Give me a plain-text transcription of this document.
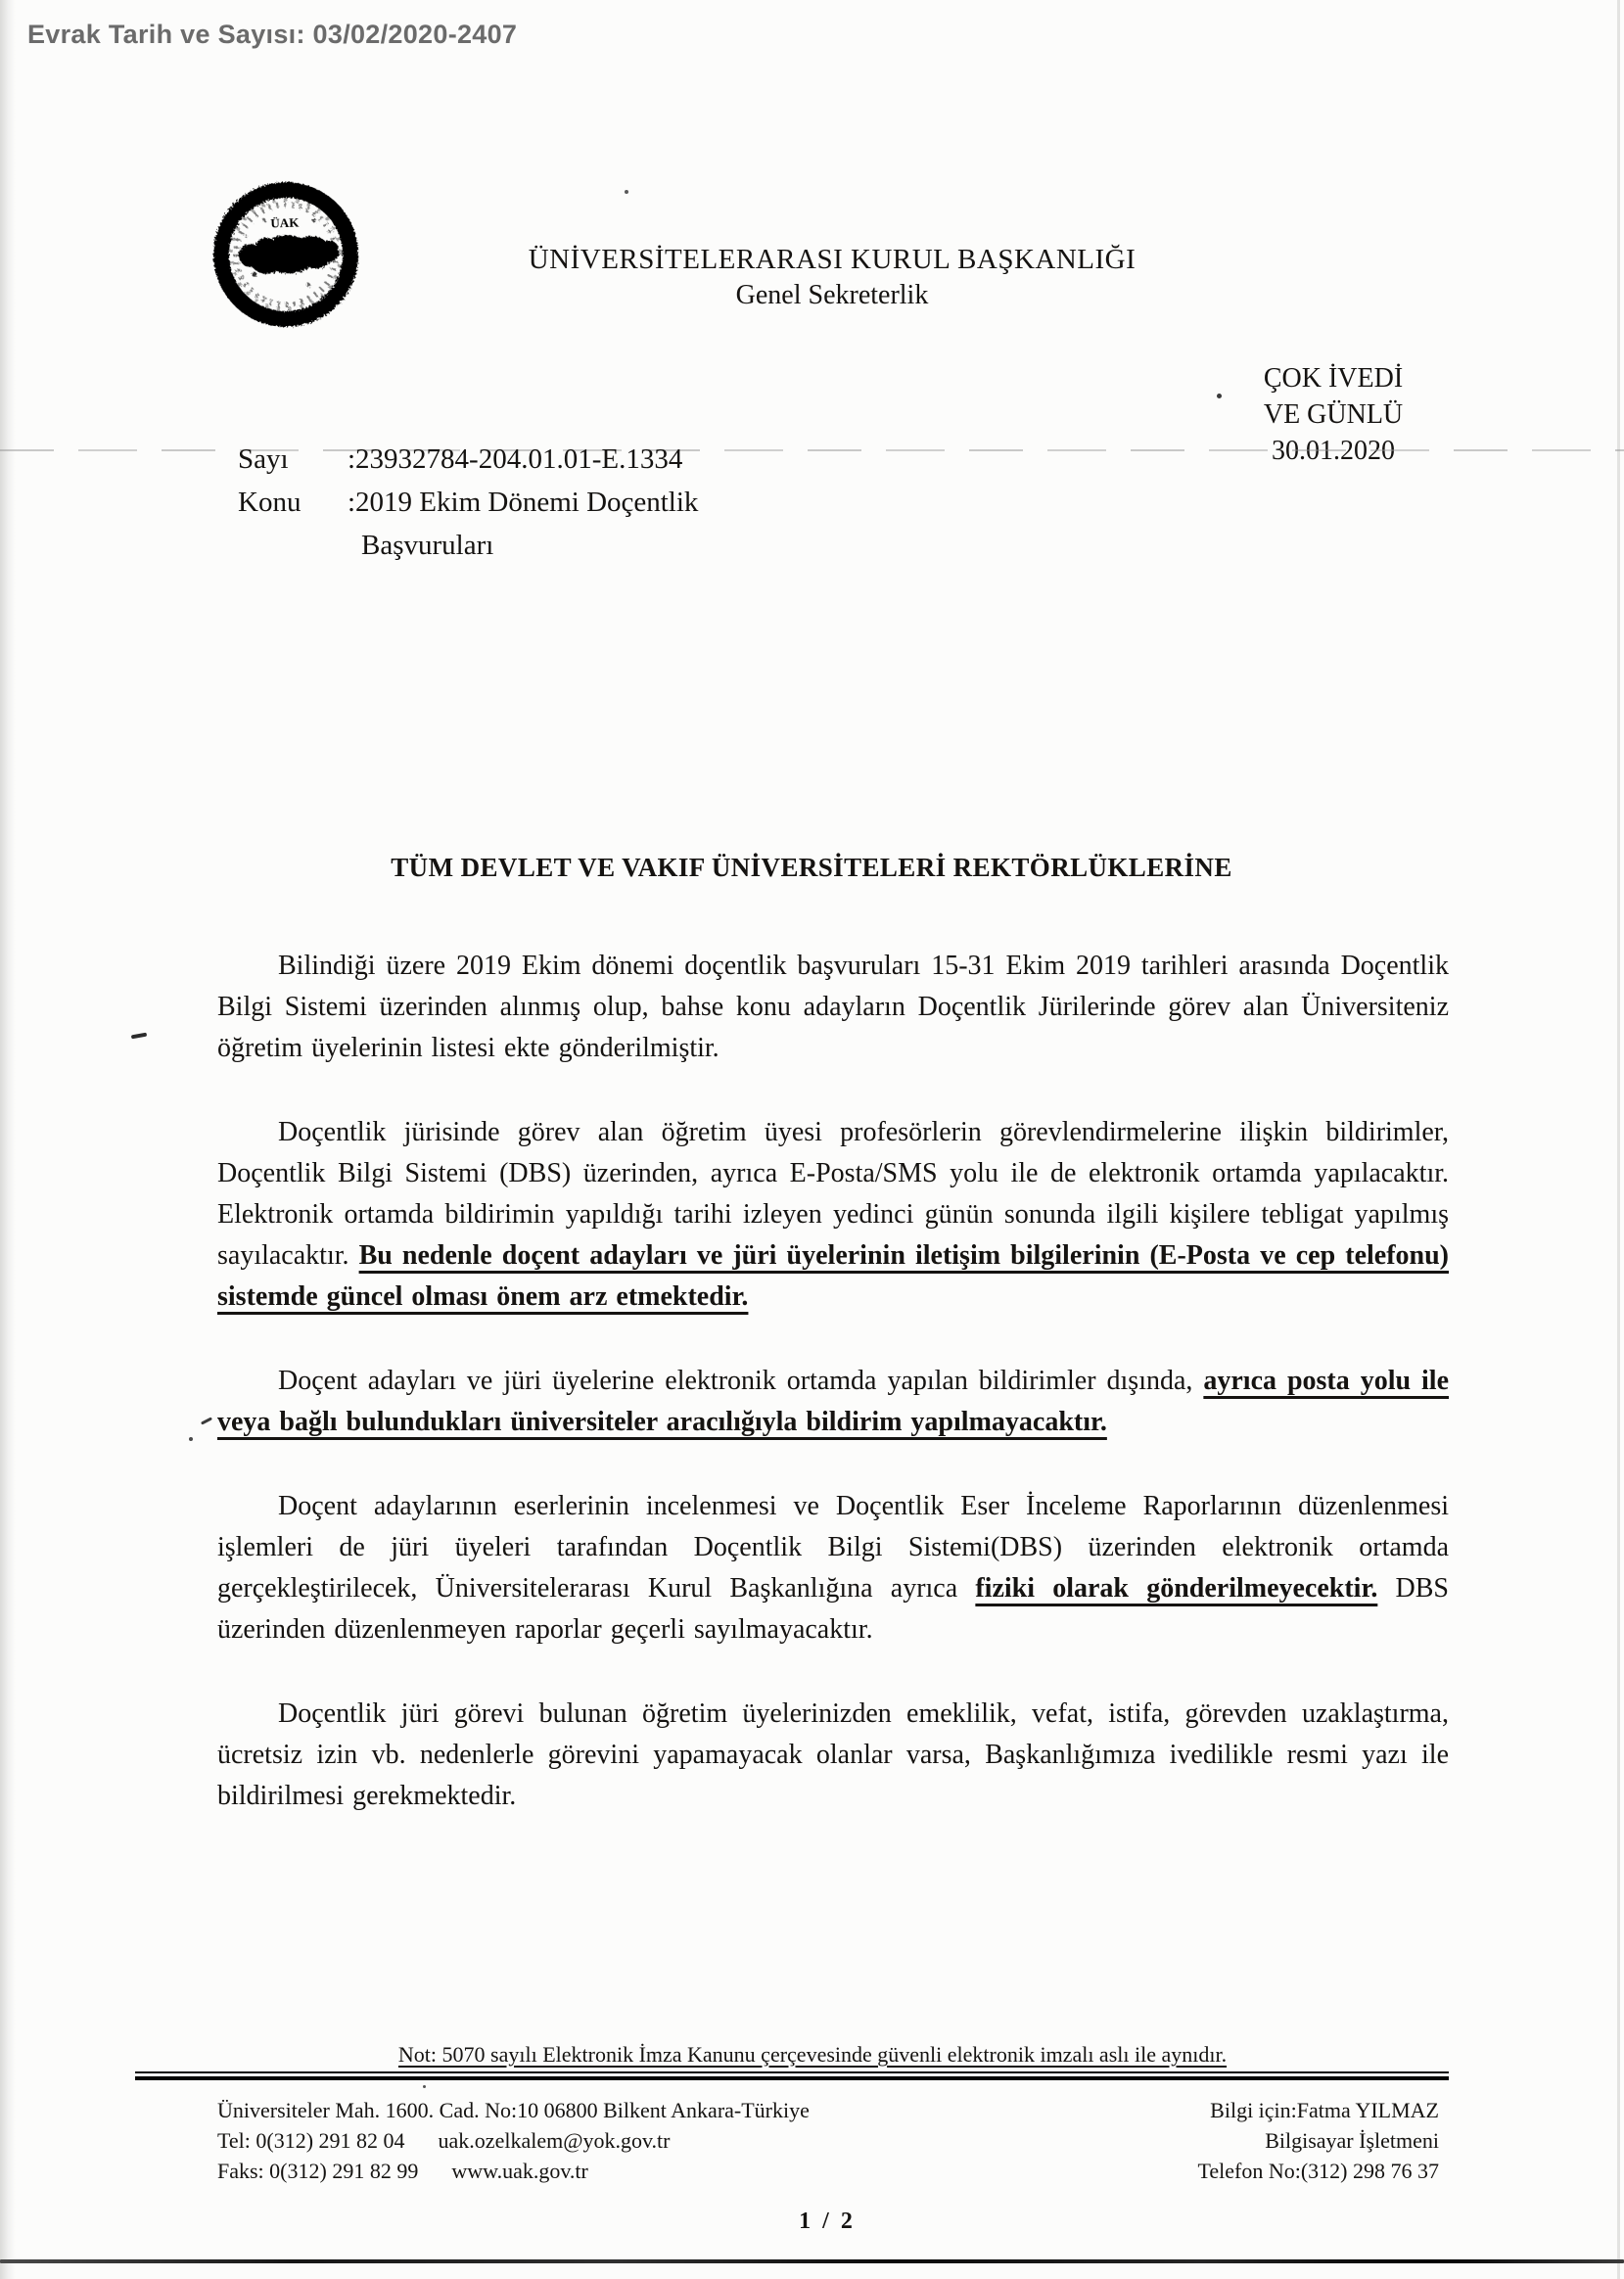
Evrak Tarih ve Sayısı: 03/02/2020-2407
ÜAK
ÜNİVERSİTELERARASI KURUL BAŞKANLIĞI
Genel Sekreterlik
ÇOK İVEDİ
VE GÜNLÜ
30.01.2020
Sayı :23932784-204.01.01-E.1334
Konu :2019 Ekim Dönemi Doçentlik
Başvuruları
TÜM DEVLET VE VAKIF ÜNİVERSİTELERİ REKTÖRLÜKLERİNE

Bilindiği üzere 2019 Ekim dönemi doçentlik başvuruları 15-31 Ekim 2019 tarihleri arasında Doçentlik Bilgi Sistemi üzerinden alınmış olup, bahse konu adayların Doçentlik Jürilerinde görev alan Üniversiteniz öğretim üyelerinin listesi ekte gönderilmiştir.

Doçentlik jürisinde görev alan öğretim üyesi profesörlerin görevlendirmelerine ilişkin bildirimler, Doçentlik Bilgi Sistemi (DBS) üzerinden, ayrıca E-Posta/SMS yolu ile de elektronik ortamda yapılacaktır. Elektronik ortamda bildirimin yapıldığı tarihi izleyen yedinci günün sonunda ilgili kişilere tebligat yapılmış sayılacaktır. Bu nedenle doçent adayları ve jüri üyelerinin iletişim bilgilerinin (E-Posta ve cep telefonu) sistemde güncel olması önem arz etmektedir.

Doçent adayları ve jüri üyelerine elektronik ortamda yapılan bildirimler dışında, ayrıca posta yolu ile veya bağlı bulundukları üniversiteler aracılığıyla bildirim yapılmayacaktır.

Doçent adaylarının eserlerinin incelenmesi ve Doçentlik Eser İnceleme Raporlarının düzenlenmesi işlemleri de jüri üyeleri tarafından Doçentlik Bilgi Sistemi(DBS) üzerinden elektronik ortamda gerçekleştirilecek, Üniversitelerarası Kurul Başkanlığına ayrıca fiziki olarak gönderilmeyecektir. DBS üzerinden düzenlenmeyen raporlar geçerli sayılmayacaktır.

Doçentlik jüri görevi bulunan öğretim üyelerinizden emeklilik, vefat, istifa, görevden uzaklaştırma, ücretsiz izin vb. nedenlerle görevini yapamayacak olanlar varsa, Başkanlığımıza ivedilikle resmi yazı ile bildirilmesi gerekmektedir.

Not: 5070 sayılı Elektronik İmza Kanunu çerçevesinde güvenli elektronik imzalı aslı ile aynıdır.
Üniversiteler Mah. 1600. Cad. No:10 06800 Bilkent Ankara-Türkiye
Tel: 0(312) 291 82 04 uak.ozelkalem@yok.gov.tr
Faks: 0(312) 291 82 99 www.uak.gov.tr
Bilgi için:Fatma YILMAZ
Bilgisayar İşletmeni
Telefon No:(312) 298 76 37
1 / 2
